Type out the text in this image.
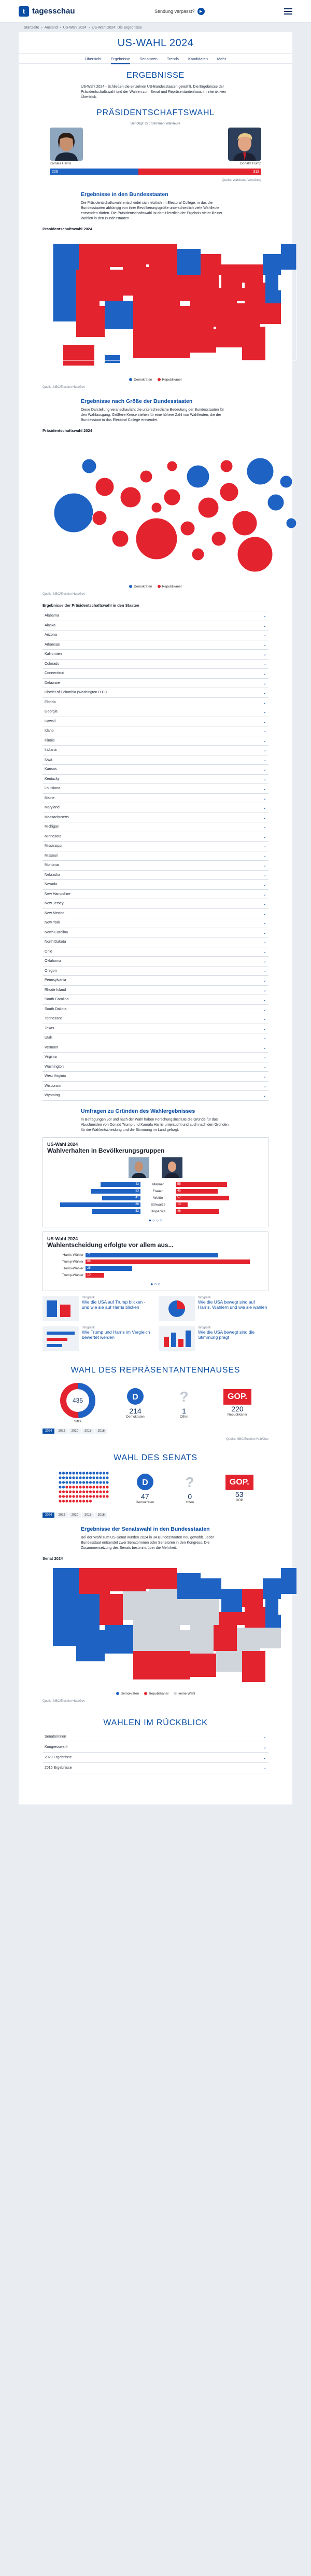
t tagesschau	Sendung verpasst?	▶
Startseite › Ausland › US-Wahl 2024 › US-Wahl 2024: Die Ergebnisse
US-WAHL 2024
Übersicht Ergebnisse Senatoren Trends Kandidaten Mehr
ERGEBNISSE

US-Wahl 2024 - Schließen die einzelnen US-Bundesstaaten gewählt. Die Ergebnisse der Präsidentschaftswahl und der Wahlen zum Senat und Repräsentantenhaus im interaktiven Überblick.

PRÄSIDENTSCHAFTSWAHL
Benötigt: 270 Stimmen Wahlleute
Kamala Harris	Donald Trump
226	312
Quelle: Wahlleute-Verteilung
Ergebnisse in den Bundesstaaten

Die Präsidentschaftswahl entscheidet sich letztlich im Electoral College, in das die Bundesstaaten abhängig von ihrer Bevölkerungsgröße unterschiedlich viele Wahlleute entsenden dürfen. Die Präsidentschaftswahl ist damit letztlich der Ergebnis vieler kleiner Wahlen in den Bundesstaaten.

Präsidentschaftswahl 2024
Demokraten	Republikaner
Quelle: NBC/Election Hub/Gov
Ergebnisse nach Größe der Bundesstaaten

Diese Darstellung veranschaulicht die unterschiedliche Bedeutung der Bundesstaaten für den Wahlausgang. Größere Kreise stehen für eine höhere Zahl von Wahlleuten, die der Bundesstaat in das Electoral College entsendet.

Präsidentschaftswahl 2024
Demokraten	Republikaner
Quelle: NBC/Election Hub/Gov
Ergebnisse der Präsidentschaftswahl in den Staaten
Alabama	⌄
Alaska	⌄
Arizona	⌄
Arkansas	⌄
Kalifornien	⌄
Colorado	⌄
Connecticut	⌄
Delaware	⌄
District of Columbia (Washington D.C.)	⌄
Florida	⌄
Georgia	⌄
Hawaii	⌄
Idaho	⌄
Illinois	⌄
Indiana	⌄
Iowa	⌄
Kansas	⌄
Kentucky	⌄
Louisiana	⌄
Maine	⌄
Maryland	⌄
Massachusetts	⌄
Michigan	⌄
Minnesota	⌄
Mississippi	⌄
Missouri	⌄
Montana	⌄
Nebraska	⌄
Nevada	⌄
New Hampshire	⌄
New Jersey	⌄
New Mexico	⌄
New York	⌄
North Carolina	⌄
North Dakota	⌄
Ohio	⌄
Oklahoma	⌄
Oregon	⌄
Pennsylvania	⌄
Rhode Island	⌄
South Carolina	⌄
South Dakota	⌄
Tennessee	⌄
Texas	⌄
Utah	⌄
Vermont	⌄
Virginia	⌄
Washington	⌄
West Virginia	⌄
Wisconsin	⌄
Wyoming	⌄
Umfragen zu Gründen des Wahlergebnisses

In Befragungen vor und nach der Wahl haben Forschungsinstitute die Gründe für das Abschneiden von Donald Trump und Kamala Harris untersucht und auch nach den Gründen für die Wahlentscheidung und die Stimmung im Land gefragt.

US-Wahl 2024
Wahlverhalten in Bevölkerungsgruppen
43	Männer	55
53	Frauen	45
41	Weiße	57
86	Schwarze	13
52	Hispanics	46
● ○ ○ ○
US-Wahl 2024
Wahlentscheidung erfolgte vor allem aus...
Harris-Wähler	71
Trump-Wähler	88
Harris-Wähler	25
Trump-Wähler	10
● ○ ○
Infografik
Wie die USA auf Trump blicken - und wie sie auf Harris blicken
Infografik
Wie die USA bewegt sind auf Harris, Wählern und wie sie wählen
Infografik
Wie Trump und Harris im Vergleich bewertet werden
Infografik
Wie die USA bewegt sind die Stimmung prägt
WAHL DES REPRÄSENTANTENHAUSES
435
Sitze
D
214
Demokraten
?
1
Offen
GOP.
220
Republikaner
2024	2022	2020	2018	2016
Quelle: NBC/Election Hub/Gov
WAHL DES SENATS
D
47
Demokraten
?
0
Offen
GOP.
53
GOP
2024	2022	2020	2018	2016
Ergebnisse der Senatswahl in den Bundesstaaten

Bei der Wahl zum US-Senat wurden 2024 in 34 Bundesstaaten neu gewählt. Jeder Bundesstaat entsendet zwei Senatorinnen oder Senatoren in den Kongress. Die Zusammensetzung des Senats bestimmt über die Mehrheit.

Senat 2024
Demokraten	Republikaner	keine Wahl
Quelle: NBC/Election Hub/Gov
WAHLEN IM RÜCKBLICK
Senatorinnen	⌄
Kongresswahl	⌄
2020 Ergebnisse	⌄
2016 Ergebnisse	⌄
